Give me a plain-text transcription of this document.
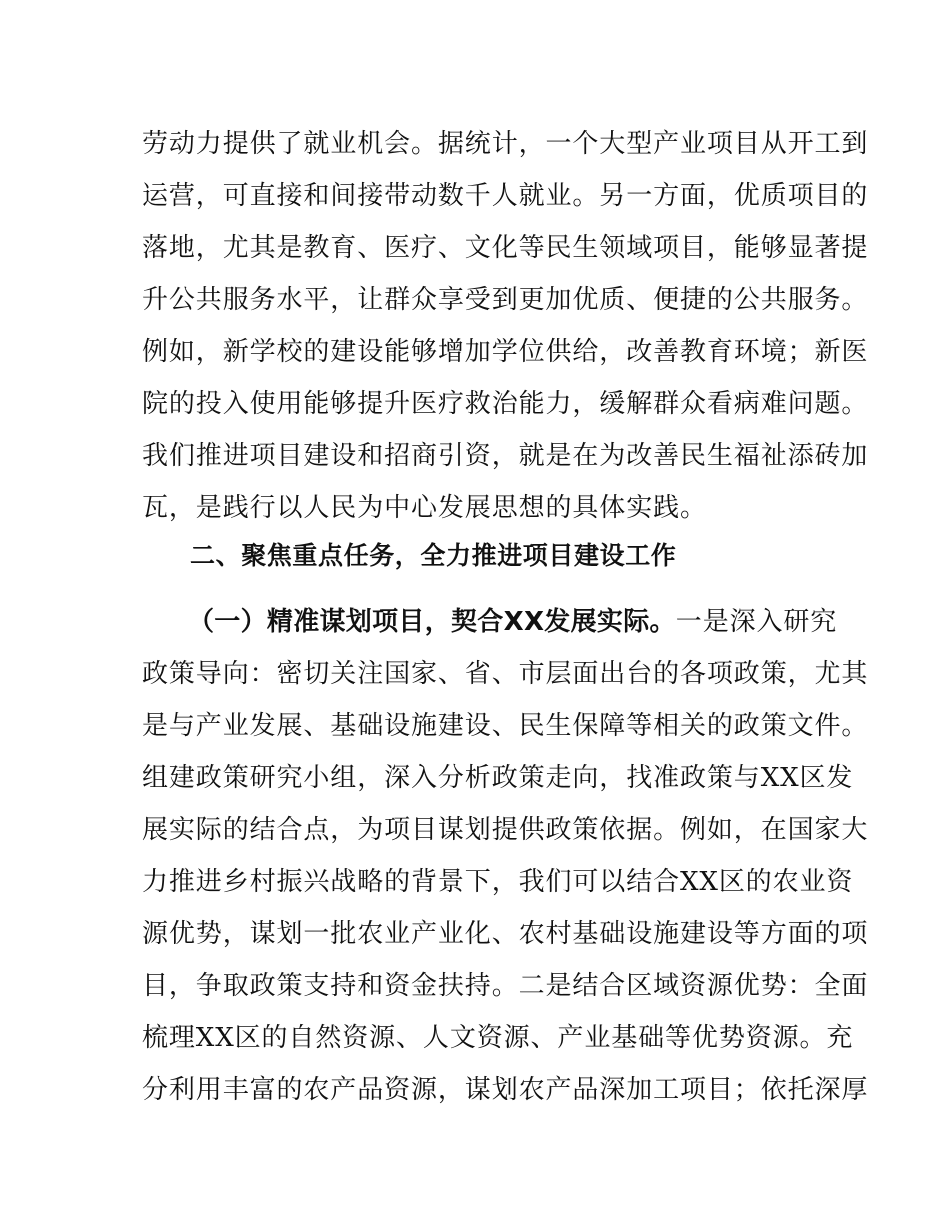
劳动力提供了就业机会。据统计，一个大型产业项目从开工到
运营，可直接和间接带动数千人就业。另一方面，优质项目的
落地，尤其是教育、医疗、文化等民生领域项目，能够显著提
升公共服务水平，让群众享受到更加优质、便捷的公共服务。
例如，新学校的建设能够增加学位供给，改善教育环境；新医
院的投入使用能够提升医疗救治能力，缓解群众看病难问题。
我们推进项目建设和招商引资，就是在为改善民生福祉添砖加
瓦，是践行以人民为中心发展思想的具体实践。
二、聚焦重点任务，全力推进项目建设工作
（一）精准谋划项目，契合XX发展实际。一是深入研究
政策导向：密切关注国家、省、市层面出台的各项政策，尤其
是与产业发展、基础设施建设、民生保障等相关的政策文件。
组建政策研究小组，深入分析政策走向，找准政策与XX区发
展实际的结合点，为项目谋划提供政策依据。例如，在国家大
力推进乡村振兴战略的背景下，我们可以结合XX区的农业资
源优势，谋划一批农业产业化、农村基础设施建设等方面的项
目，争取政策支持和资金扶持。二是结合区域资源优势：全面
梳理XX区的自然资源、人文资源、产业基础等优势资源。充
分利用丰富的农产品资源，谋划农产品深加工项目；依托深厚
